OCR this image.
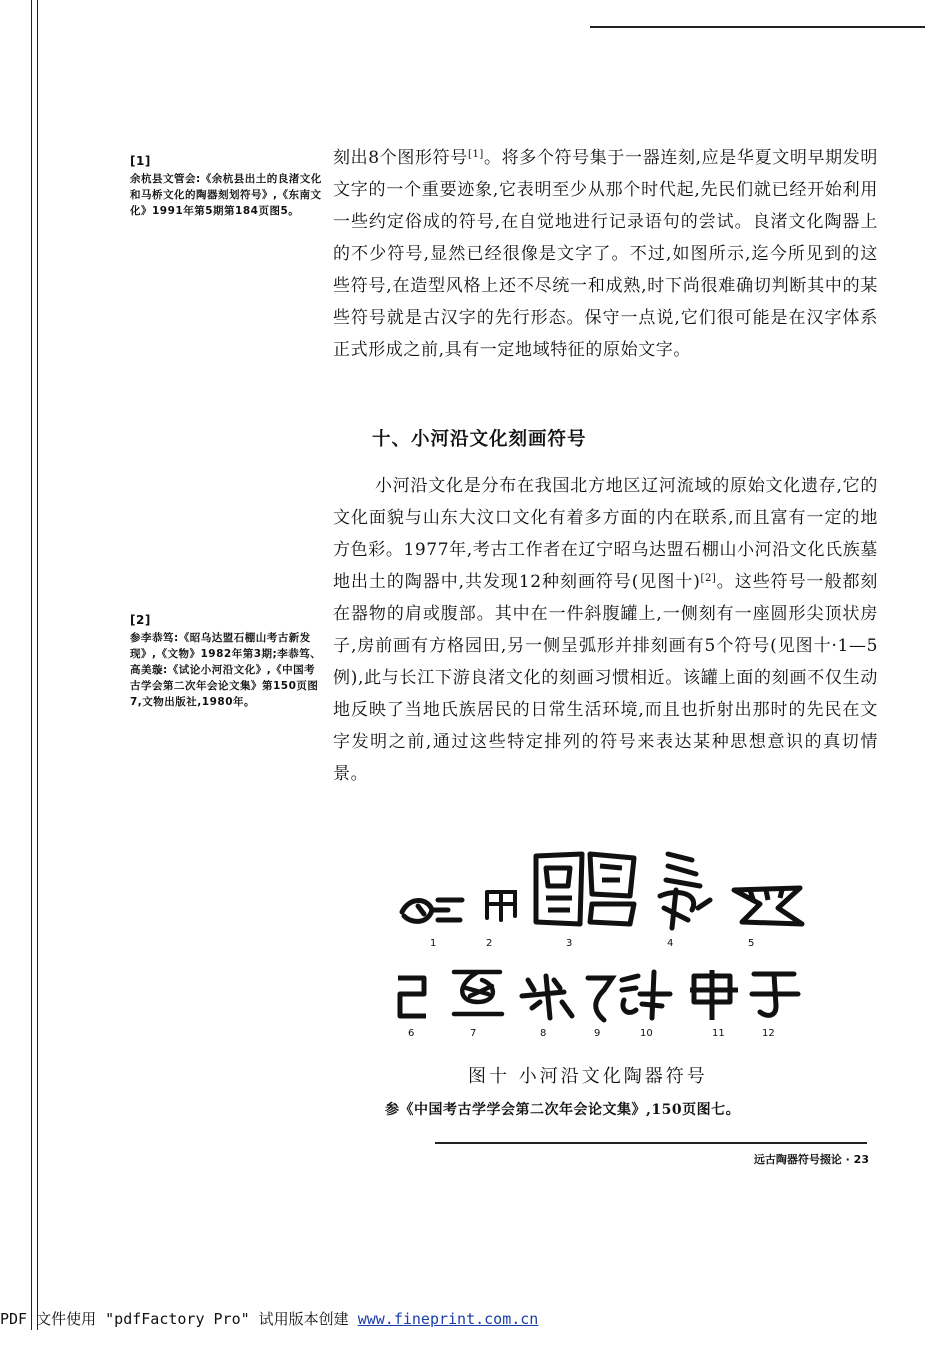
[1]
余杭县文管会:《余杭县出土的良渚文化和马桥文化的陶器刻划符号》,《东南文化》1991年第5期第184页图5。
[2]
参李恭笃:《昭乌达盟石棚山考古新发现》,《文物》1982年第3期;李恭笃、高美璇:《试论小河沿文化》,《中国考古学会第二次年会论文集》第150页图7,文物出版社,1980年。

刻出8个图形符号[1]。将多个符号集于一器连刻,应是华夏文明早期发明文字的一个重要迹象,它表明至少从那个时代起,先民们就已经开始利用一些约定俗成的符号,在自觉地进行记录语句的尝试。良渚文化陶器上的不少符号,显然已经很像是文字了。不过,如图所示,迄今所见到的这些符号,在造型风格上还不尽统一和成熟,时下尚很难确切判断其中的某些符号就是古汉字的先行形态。保守一点说,它们很可能是在汉字体系正式形成之前,具有一定地域特征的原始文字。

十、小河沿文化刻画符号

小河沿文化是分布在我国北方地区辽河流域的原始文化遗存,它的文化面貌与山东大汶口文化有着多方面的内在联系,而且富有一定的地方色彩。1977年,考古工作者在辽宁昭乌达盟石棚山小河沿文化氏族墓地出土的陶器中,共发现12种刻画符号(见图十)[2]。这些符号一般都刻在器物的肩或腹部。其中在一件斜腹罐上,一侧刻有一座圆形尖顶状房子,房前画有方格园田,另一侧呈弧形并排刻画有5个符号(见图十·1—5例),此与长江下游良渚文化的刻画习惯相近。该罐上面的刻画不仅生动地反映了当地氏族居民的日常生活环境,而且也折射出那时的先民在文字发明之前,通过这些特定排列的符号来表达某种思想意识的真切情景。

1	2	3	4	5
6	7	8	9	10	11	12
图十 小河沿文化陶器符号
参《中国考古学学会第二次年会论文集》,150页图七。
远古陶器符号掇论 · 23
PDF 文件使用 "pdfFactory Pro" 试用版本创建 www.fineprint.com.cn
